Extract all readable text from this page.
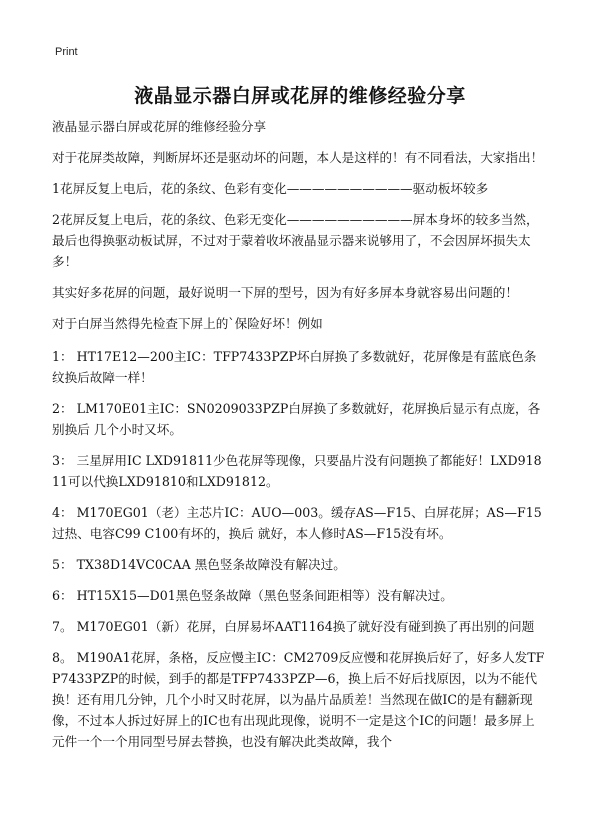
Print
液晶显示器白屏或花屏的维修经验分享

液晶显示器白屏或花屏的维修经验分享

对于花屏类故障，判断屏坏还是驱动坏的问题，本人是这样的！有不同看法，大家指出！

1花屏反复上电后，花的条纹、色彩有变化——————————驱动板坏较多

2花屏反复上电后，花的条纹、色彩无变化——————————屏本身坏的较多当然，最后也得换驱动板试屏，不过对于蒙着收坏液晶显示器来说够用了，不会因屏坏损失太多！

其实好多花屏的问题，最好说明一下屏的型号，因为有好多屏本身就容易出问题的！

对于白屏当然得先检查下屏上的`保险好坏！例如

1： HT17E12—200主IC：TFP7433PZP坏白屏换了多数就好，花屏像是有蓝底色条纹换后故障一样！

2： LM170E01主IC：SN0209033PZP白屏换了多数就好，花屏换后显示有点庞，各别换后 几个小时又坏。

3： 三星屏用IC LXD91811少色花屏等现像，只要晶片没有问题换了都能好！LXD91811可以代换LXD91810和LXD91812。

4： M170EG01（老）主芯片IC：AUO—003。缓存AS—F15、白屏花屏；AS—F15过热、电容C99 C100有坏的，换后 就好，本人修时AS—F15没有坏。

5： TX38D14VC0CAA 黑色竖条故障没有解决过。

6： HT15X15—D01黑色竖条故障（黑色竖条间距相等）没有解决过。

7。 M170EG01（新）花屏，白屏易坏AAT1164换了就好没有碰到换了再出别的问题

8。 M190A1花屏，条格，反应慢主IC：CM2709反应慢和花屏换后好了，好多人发TFP7433PZP的时候，到手的都是TFP7433PZP—6，换上后不好后找原因，以为不能代换！还有用几分钟，几个小时又时花屏，以为晶片品质差！当然现在做IC的是有翻新现像，不过本人拆过好屏上的IC也有出现此现像，说明不一定是这个IC的问题！最多屏上元件一个一个用同型号屏去替换，也没有解决此类故障，我个
